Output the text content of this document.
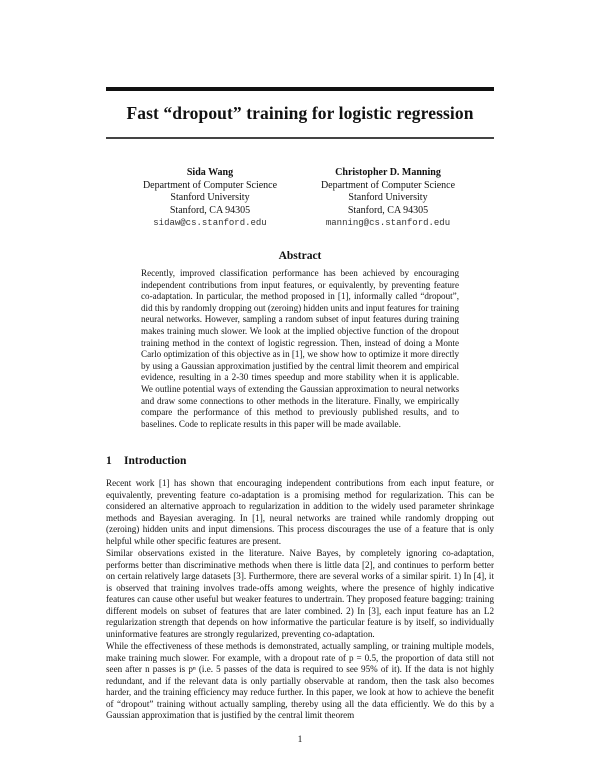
Fast “dropout” training for logistic regression
Sida Wang
Department of Computer Science
Stanford University
Stanford, CA 94305
sidaw@cs.stanford.edu
Christopher D. Manning
Department of Computer Science
Stanford University
Stanford, CA 94305
manning@cs.stanford.edu
Abstract
Recently, improved classification performance has been achieved by encouraging independent contributions from input features, or equivalently, by preventing feature co-adaptation. In particular, the method proposed in [1], informally called “dropout”, did this by randomly dropping out (zeroing) hidden units and input features for training neural networks. However, sampling a random subset of input features during training makes training much slower. We look at the implied objective function of the dropout training method in the context of logistic regression. Then, instead of doing a Monte Carlo optimization of this objective as in [1], we show how to optimize it more directly by using a Gaussian approximation justified by the central limit theorem and empirical evidence, resulting in a 2-30 times speedup and more stability when it is applicable. We outline potential ways of extending the Gaussian approximation to neural networks and draw some connections to other methods in the literature. Finally, we empirically compare the performance of this method to previously published results, and to baselines. Code to replicate results in this paper will be made available.
1 Introduction
Recent work [1] has shown that encouraging independent contributions from each input feature, or equivalently, preventing feature co-adaptation is a promising method for regularization. This can be considered an alternative approach to regularization in addition to the widely used parameter shrinkage methods and Bayesian averaging. In [1], neural networks are trained while randomly dropping out (zeroing) hidden units and input dimensions. This process discourages the use of a feature that is only helpful while other specific features are present.
Similar observations existed in the literature. Naive Bayes, by completely ignoring co-adaptation, performs better than discriminative methods when there is little data [2], and continues to perform better on certain relatively large datasets [3]. Furthermore, there are several works of a similar spirit. 1) In [4], it is observed that training involves trade-offs among weights, where the presence of highly indicative features can cause other useful but weaker features to undertrain. They proposed feature bagging: training different models on subset of features that are later combined. 2) In [3], each input feature has an L2 regularization strength that depends on how informative the particular feature is by itself, so individually uninformative features are strongly regularized, preventing co-adaptation.
While the effectiveness of these methods is demonstrated, actually sampling, or training multiple models, make training much slower. For example, with a dropout rate of p = 0.5, the proportion of data still not seen after n passes is pⁿ (i.e. 5 passes of the data is required to see 95% of it). If the data is not highly redundant, and if the relevant data is only partially observable at random, then the task also becomes harder, and the training efficiency may reduce further. In this paper, we look at how to achieve the benefit of “dropout” training without actually sampling, thereby using all the data efficiently. We do this by a Gaussian approximation that is justified by the central limit theorem
1
